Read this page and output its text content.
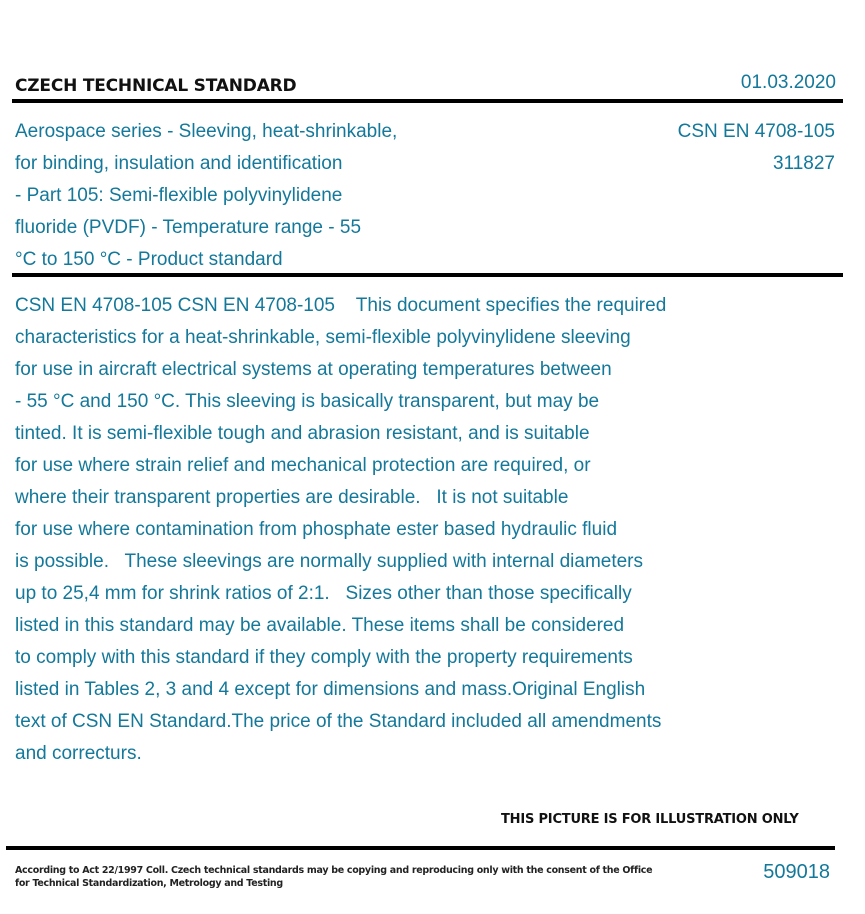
CZECH TECHNICAL STANDARD	01.03.2020
Aerospace series - Sleeving, heat-shrinkable,
for binding, insulation and identification
- Part 105: Semi-flexible polyvinylidene
fluoride (PVDF) - Temperature range - 55
°C to 150 °C - Product standard
CSN EN 4708-105
311827
CSN EN 4708-105 CSN EN 4708-105    This document specifies the required
characteristics for a heat-shrinkable, semi-flexible polyvinylidene sleeving
for use in aircraft electrical systems at operating temperatures between
- 55 °C and 150 °C. This sleeving is basically transparent, but may be
tinted. It is semi-flexible tough and abrasion resistant, and is suitable
for use where strain relief and mechanical protection are required, or
where their transparent properties are desirable.   It is not suitable
for use where contamination from phosphate ester based hydraulic fluid
is possible.   These sleevings are normally supplied with internal diameters
up to 25,4 mm for shrink ratios of 2:1.   Sizes other than those specifically
listed in this standard may be available. These items shall be considered
to comply with this standard if they comply with the property requirements
listed in Tables 2, 3 and 4 except for dimensions and mass.Original English
text of CSN EN Standard.The price of the Standard included all amendments
and correcturs.
THIS PICTURE IS FOR ILLUSTRATION ONLY
According to Act 22/1997 Coll. Czech technical standards may be copying and reproducing only with the consent of the Office
for Technical Standardization, Metrology and Testing
509018
